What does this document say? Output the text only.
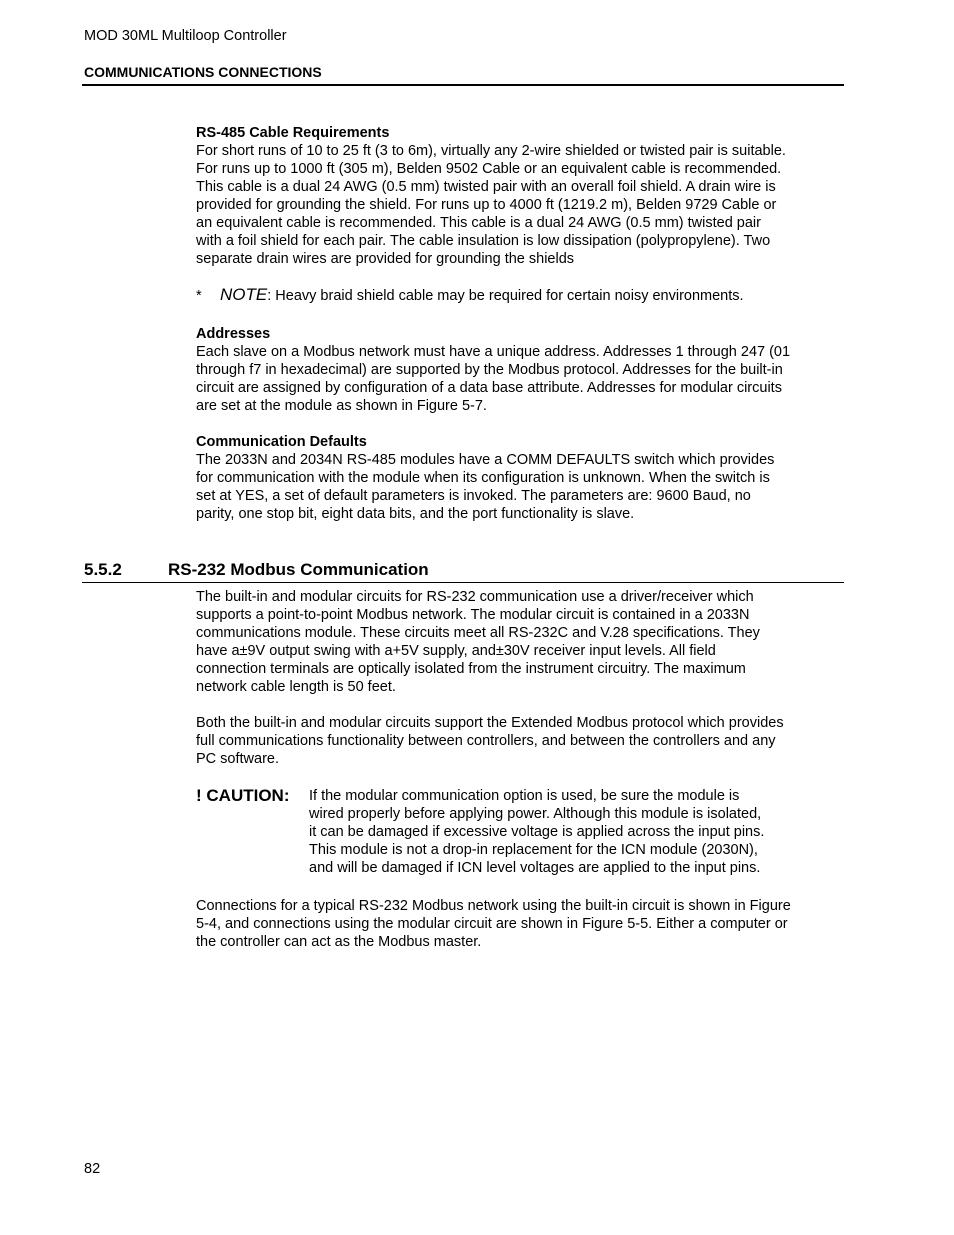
MOD 30ML Multiloop Controller
COMMUNICATIONS CONNECTIONS

RS-485 Cable Requirements

For short runs of 10 to 25 ft (3 to 6m), virtually any 2-wire shielded or twisted pair is suitable.

For runs up to 1000 ft (305 m), Belden 9502 Cable or an equivalent cable is recommended.

This cable is a dual 24 AWG (0.5 mm) twisted pair with an overall foil shield. A drain wire is

provided for grounding the shield. For runs up to 4000 ft (1219.2 m), Belden 9729 Cable or

an equivalent cable is recommended. This cable is a dual 24 AWG (0.5 mm) twisted pair

with a foil shield for each pair. The cable insulation is low dissipation (polypropylene). Two

separate drain wires are provided for grounding the shields

* NOTE: Heavy braid shield cable may be required for certain noisy environments.

Addresses

Each slave on a Modbus network must have a unique address. Addresses 1 through 247 (01

through f7 in hexadecimal) are supported by the Modbus protocol. Addresses for the built-in

circuit are assigned by configuration of a data base attribute. Addresses for modular circuits

are set at the module as shown in Figure 5-7.

Communication Defaults

The 2033N and 2034N RS-485 modules have a COMM DEFAULTS switch which provides

for communication with the module when its configuration is unknown. When the switch is

set at YES, a set of default parameters is invoked. The parameters are: 9600 Baud, no

parity, one stop bit, eight data bits, and the port functionality is slave.

5.5.2	RS-232 Modbus Communication

The built-in and modular circuits for RS-232 communication use a driver/receiver which

supports a point-to-point Modbus network. The modular circuit is contained in a 2033N

communications module. These circuits meet all RS-232C and V.28 specifications. They

have a±9V output swing with a+5V supply, and±30V receiver input levels. All field

connection terminals are optically isolated from the instrument circuitry. The maximum

network cable length is 50 feet.

Both the built-in and modular circuits support the Extended Modbus protocol which provides

full communications functionality between controllers, and between the controllers and any

PC software.

! CAUTION: If the modular communication option is used, be sure the module is
wired properly before applying power. Although this module is isolated,
it can be damaged if excessive voltage is applied across the input pins.
This module is not a drop-in replacement for the ICN module (2030N),
and will be damaged if ICN level voltages are applied to the input pins.

Connections for a typical RS-232 Modbus network using the built-in circuit is shown in Figure

5-4, and connections using the modular circuit are shown in Figure 5-5. Either a computer or

the controller can act as the Modbus master.

82
